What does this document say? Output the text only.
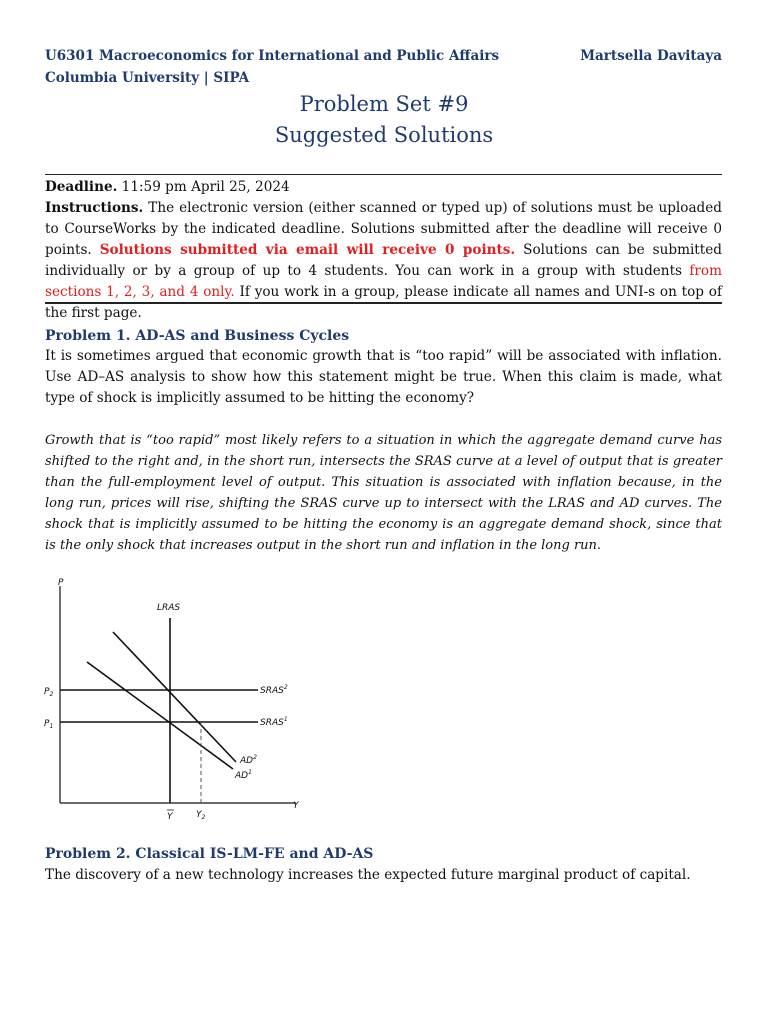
U6301 Macroeconomics for International and Public Affairs	Martsella Davitaya
Columbia University | SIPA
Problem Set #9
Suggested Solutions
Deadline. 11:59 pm April 25, 2024
Instructions. The electronic version (either scanned or typed up) of solutions must be uploaded to CourseWorks by the indicated deadline. Solutions submitted after the deadline will receive 0 points. Solutions submitted via email will receive 0 points. Solutions can be submitted individually or by a group of up to 4 students. You can work in a group with students from sections 1, 2, 3, and 4 only. If you work in a group, please indicate all names and UNI-s on top of the first page.
Problem 1. AD-AS and Business Cycles
It is sometimes argued that economic growth that is “too rapid” will be associated with inflation. Use AD–AS analysis to show how this statement might be true. When this claim is made, what type of shock is implicitly assumed to be hitting the economy?
Growth that is “too rapid” most likely refers to a situation in which the aggregate demand curve has shifted to the right and, in the short run, intersects the SRAS curve at a level of output that is greater than the full-employment level of output. This situation is associated with inflation because, in the long run, prices will rise, shifting the SRAS curve up to intersect with the LRAS and AD curves. The shock that is implicitly assumed to be hitting the economy is an aggregate demand shock, since that is the only shock that increases output in the short run and inflation in the long run.
P
Y
LRAS
$P_2$
$P_1$
SRAS$^2$
SRAS$^1$
$AD^2$
$AD^1$
Y	$Y_2$
Problem 2. Classical IS-LM-FE and AD-AS
The discovery of a new technology increases the expected future marginal product of capital.
